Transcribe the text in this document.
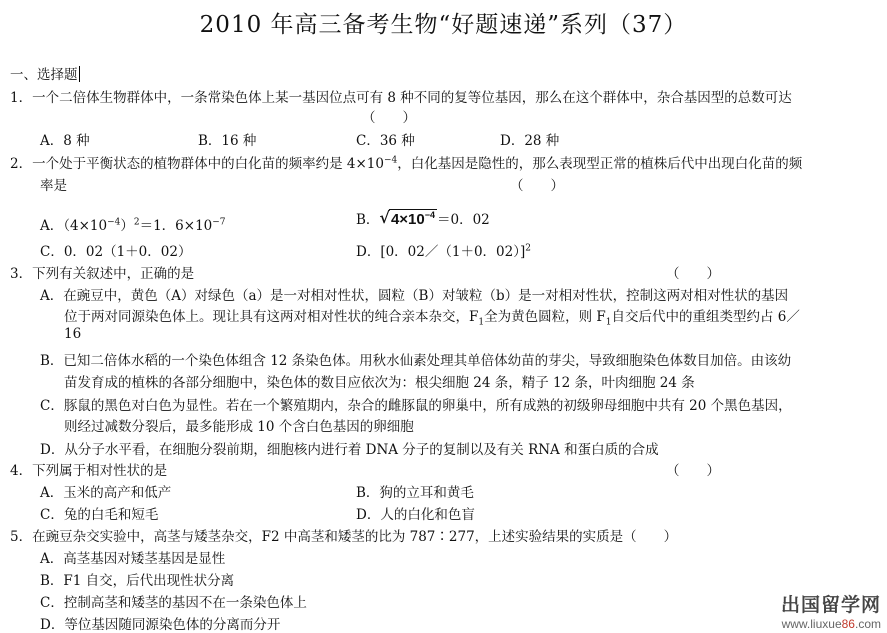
2010 年高三备考生物“好题速递”系列（37）
一、选择题
1．一个二倍体生物群体中，一条常染色体上某一基因位点可有 8 种不同的复等位基因，那么在这个群体中，杂合基因型的总数可达
（　　）
A．8 种	B．16 种	C．36 种	D．28 种
2．一个处于平衡状态的植物群体中的白化苗的频率约是 $4\times 10^{-4}$，白化基因是隐性的，那么表现型正常的植株后代中出现白化苗的频
率是	（　　）
A．$(4\times 10^{-4})^2=1$．$6\times 10^{-7}$	B．$√4\times 10^{-4} =0$．02
C．0．02（1＋0．02）	D．[0．02／（1＋0．02）]$^2$
3．下列有关叙述中，正确的是	（　　）
A．在豌豆中，黄色（A）对绿色（a）是一对相对性状，圆粒（B）对皱粒（b）是一对相对性状，控制这两对相对性状的基因
位于两对同源染色体上。现让具有这两对相对性状的纯合亲本杂交，$F_1$全为黄色圆粒，则 $F_1$自交后代中的重组类型约占 6／
16
B．已知二倍体水稻的一个染色体组含 12 条染色体。用秋水仙素处理其单倍体幼苗的芽尖，导致细胞染色体数目加倍。由该幼
苗发育成的植株的各部分细胞中，染色体的数目应依次为：根尖细胞 24 条，精子 12 条，叶肉细胞 24 条
C．豚鼠的黑色对白色为显性。若在一个繁殖期内，杂合的雌豚鼠的卵巢中，所有成熟的初级卵母细胞中共有 20 个黑色基因，
则经过减数分裂后，最多能形成 10 个含白色基因的卵细胞
D．从分子水平看，在细胞分裂前期，细胞核内进行着 DNA 分子的复制以及有关 RNA 和蛋白质的合成
4．下列属于相对性状的是	（　　）
A．玉米的高产和低产	B．狗的立耳和黄毛
C．兔的白毛和短毛	D．人的白化和色盲
5．在豌豆杂交实验中，高茎与矮茎杂交，F2 中高茎和矮茎的比为 787∶277，上述实验结果的实质是（　　）
A．高茎基因对矮茎基因是显性
B．F1 自交，后代出现性状分离
C．控制高茎和矮茎的基因不在一条染色体上
D．等位基因随同源染色体的分离而分开
出国留学网
www.liuxue86.com
